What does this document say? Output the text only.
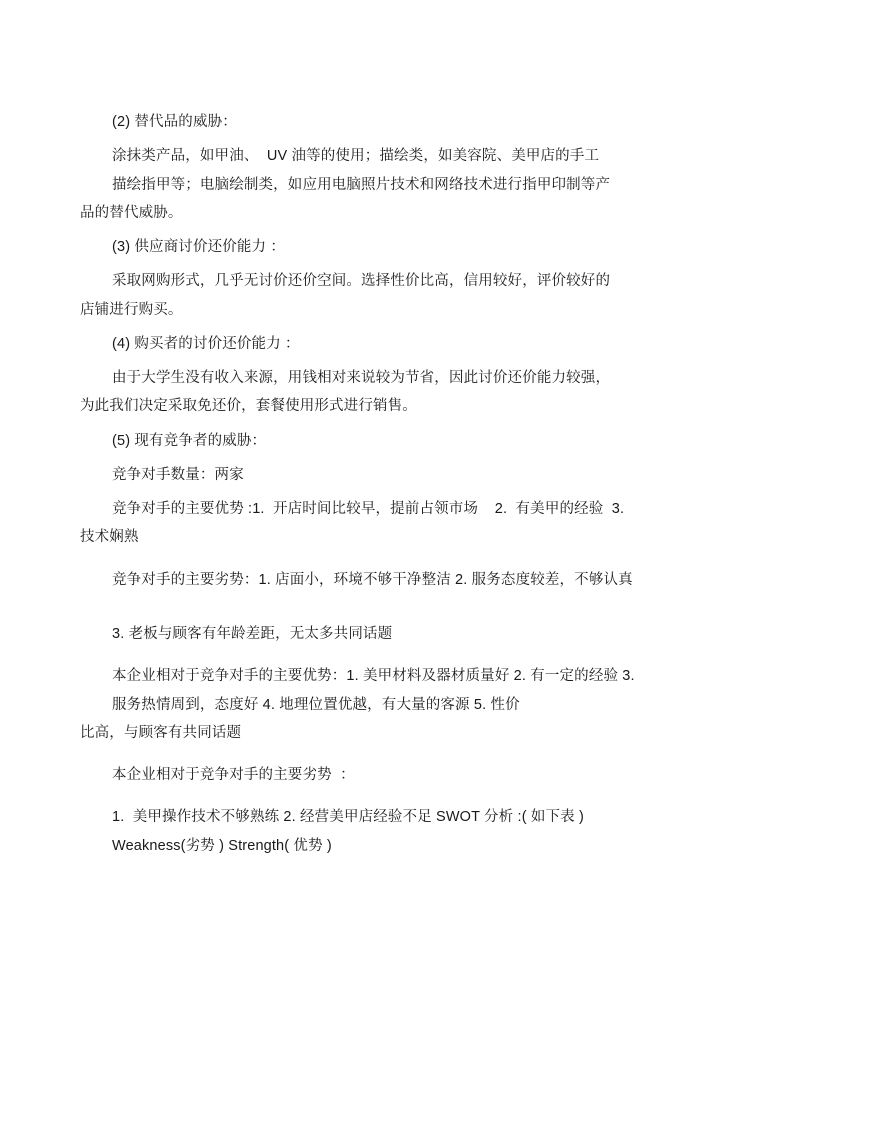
(2) 替代品的威胁：

涂抹类产品，如甲油、  UV 油等的使用；描绘类，如美容院、美甲店的手工

描绘指甲等；电脑绘制类，如应用电脑照片技术和网络技术进行指甲印制等产

品的替代威胁。

(3) 供应商讨价还价能力 ：

采取网购形式，几乎无讨价还价空间。选择性价比高，信用较好，评价较好的

店铺进行购买。

(4) 购买者的讨价还价能力 ：

由于大学生没有收入来源，用钱相对来说较为节省，因此讨价还价能力较强，

为此我们决定采取免还价，套餐使用形式进行销售。

(5) 现有竞争者的威胁：

竞争对手数量：两家

竞争对手的主要优势 :1.  开店时间比较早，提前占领市场    2.  有美甲的经验  3.

技术娴熟

竞争对手的主要劣势：1. 店面小，环境不够干净整洁 2. 服务态度较差，不够认真

3. 老板与顾客有年龄差距，无太多共同话题

本企业相对于竞争对手的主要优势：1. 美甲材料及器材质量好 2. 有一定的经验 3.

服务热情周到，态度好 4. 地理位置优越，有大量的客源 5. 性价

比高，与顾客有共同话题

本企业相对于竞争对手的主要劣势  ：

1.  美甲操作技术不够熟练 2. 经营美甲店经验不足 SWOT 分析 :( 如下表 )

Weakness(劣势 ) Strength( 优势 )
